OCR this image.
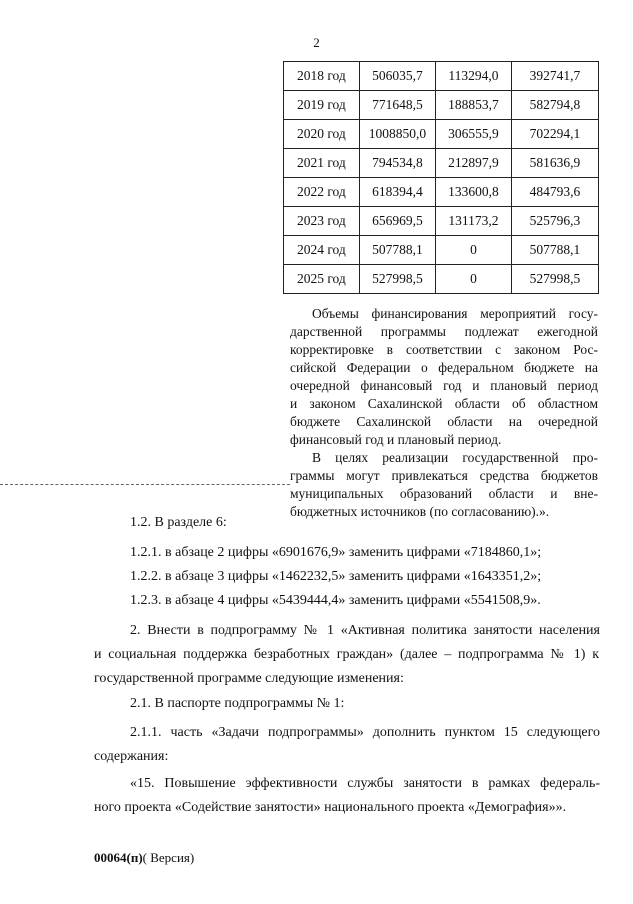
2
2018 год	506035,7	113294,0	392741,7
2019 год	771648,5	188853,7	582794,8
2020 год	1008850,0	306555,9	702294,1
2021 год	794534,8	212897,9	581636,9
2022 год	618394,4	133600,8	484793,6
2023 год	656969,5	131173,2	525796,3
2024 год	507788,1	0	507788,1
2025 год	527998,5	0	527998,5
Объемы финансирования мероприятий госу-
дарственной программы подлежат ежегодной
корректировке в соответствии с законом Рос-
сийской Федерации о федеральном бюджете на
очередной финансовый год и плановый период
и законом Сахалинской области об областном
бюджете Сахалинской области на очередной
финансовый год и плановый период.
В целях реализации государственной про-
граммы могут привлекаться средства бюджетов
муниципальных образований области и вне-
бюджетных источников (по согласованию).».
1.2. В разделе 6:
1.2.1. в абзаце 2 цифры «6901676,9» заменить цифрами «7184860,1»;
1.2.2. в абзаце 3 цифры «1462232,5» заменить цифрами «1643351,2»;
1.2.3. в абзаце 4 цифры «5439444,4» заменить цифрами «5541508,9».
2. Внести в подпрограмму № 1 «Активная политика занятости населения
и социальная поддержка безработных граждан» (далее – подпрограмма № 1) к
государственной программе следующие изменения:
2.1. В паспорте подпрограммы № 1:
2.1.1. часть «Задачи подпрограммы» дополнить пунктом 15 следующего
содержания:
«15. Повышение эффективности службы занятости в рамках федераль-
ного проекта «Содействие занятости» национального проекта «Демография»».
00064(п)( Версия)
